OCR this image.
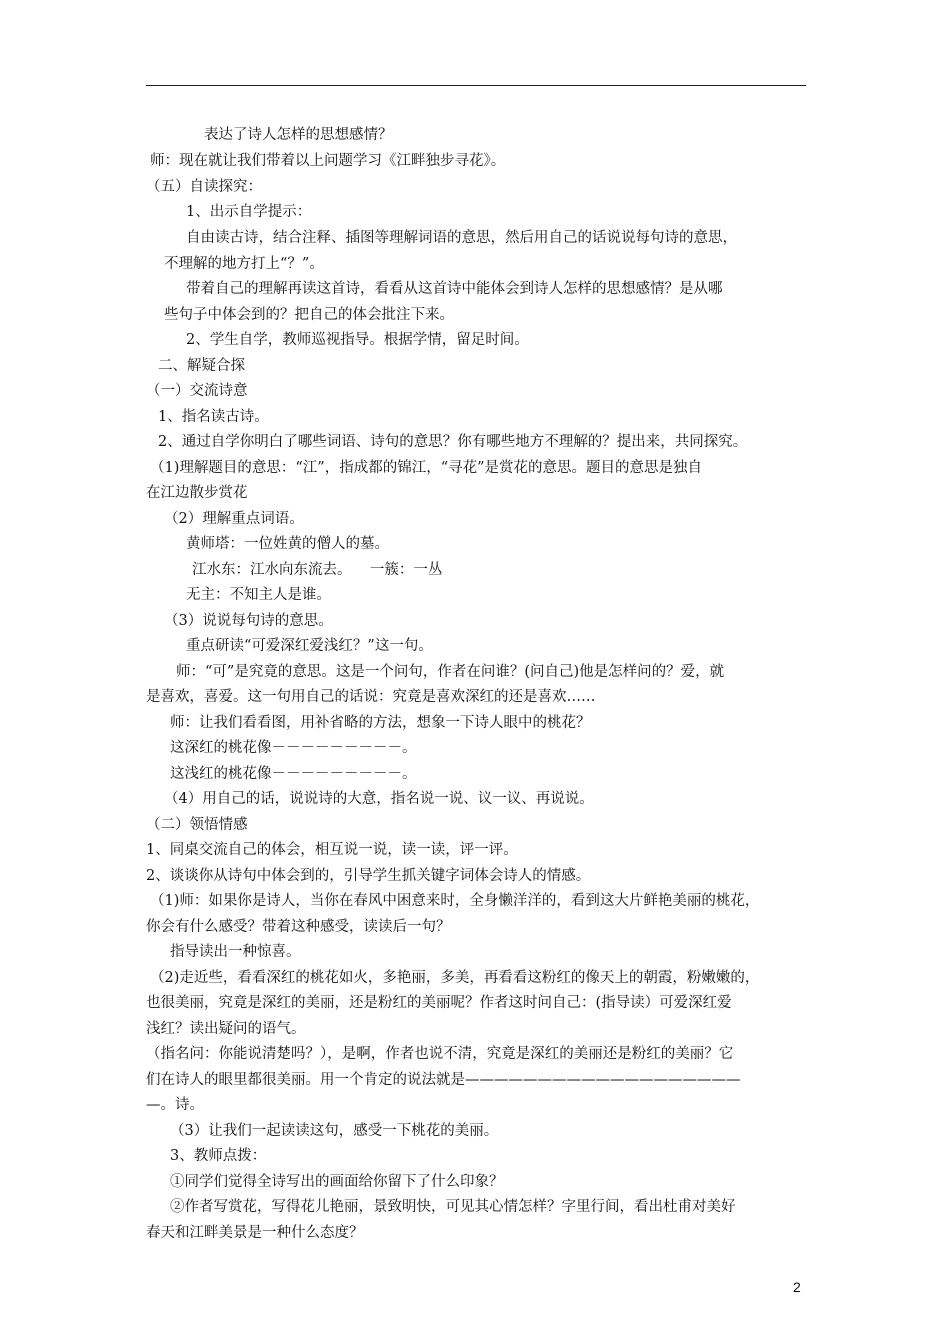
表达了诗人怎样的思想感情？
师：现在就让我们带着以上问题学习《江畔独步寻花》。
（五）自读探究：
1、出示自学提示：
自由读古诗，结合注释、插图等理解词语的意思，然后用自己的话说说每句诗的意思，
不理解的地方打上“？”。
带着自己的理解再读这首诗，看看从这首诗中能体会到诗人怎样的思想感情？是从哪
些句子中体会到的？把自己的体会批注下来。
2、学生自学，教师巡视指导。根据学情，留足时间。
二、解疑合探
（一）交流诗意
1、指名读古诗。
2、通过自学你明白了哪些词语、诗句的意思？你有哪些地方不理解的？提出来，共同探究。
（1)理解题目的意思：“江”，指成都的锦江，“寻花”是赏花的意思。题目的意思是独自
在江边散步赏花
（2）理解重点词语。
黄师塔：一位姓黄的僧人的墓。
江水东：江水向东流去。    一簇：一丛
无主：不知主人是谁。
（3）说说每句诗的意思。
重点研读“可爱深红爱浅红？”这一句。
师：“可”是究竟的意思。这是一个问句，作者在问谁？(问自己)他是怎样问的？爱，就
是喜欢，喜爱。这一句用自己的话说：究竟是喜欢深红的还是喜欢……
师：让我们看看图，用补省略的方法，想象一下诗人眼中的桃花？
这深红的桃花像－－－－－－－－－。
这浅红的桃花像－－－－－－－－－。
（4）用自己的话，说说诗的大意，指名说一说、议一议、再说说。
（二）领悟情感
1、同桌交流自己的体会，相互说一说，读一读，评一评。
2、谈谈你从诗句中体会到的，引导学生抓关键字词体会诗人的情感。
（1)师：如果你是诗人，当你在春风中困意来时，全身懒洋洋的，看到这大片鲜艳美丽的桃花，
你会有什么感受？带着这种感受，读读后一句？
指导读出一种惊喜。
（2)走近些，看看深红的桃花如火，多艳丽，多美，再看看这粉红的像天上的朝霞，粉嫩嫩的，
也很美丽，究竟是深红的美丽，还是粉红的美丽呢？作者这时问自己：(指导读）可爱深红爱
浅红？读出疑问的语气。
（指名问：你能说清楚吗？），是啊，作者也说不清，究竟是深红的美丽还是粉红的美丽？它
们在诗人的眼里都很美丽。用一个肯定的说法就是———————————————————
—。诗。
（3）让我们一起读读这句，感受一下桃花的美丽。
3、教师点拨：
①同学们觉得全诗写出的画面给你留下了什么印象？
②作者写赏花，写得花儿艳丽，景致明快，可见其心情怎样？字里行间，看出杜甫对美好
春天和江畔美景是一种什么态度？
2
